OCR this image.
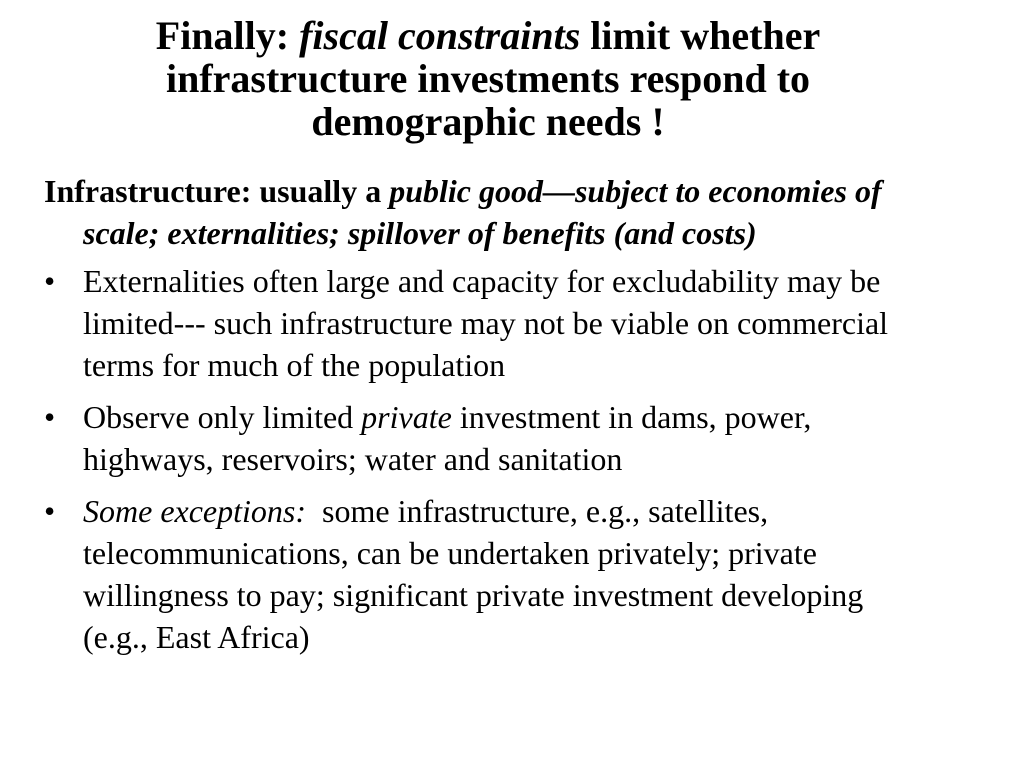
Finally: fiscal constraints limit whether infrastructure investments respond to demographic needs !

Infrastructure: usually a public good—subject to economies of scale; externalities; spillover of benefits (and costs)

• Externalities often large and capacity for excludability may be limited--- such infrastructure may not be viable on commercial terms for much of the population
• Observe only limited private investment in dams, power, highways, reservoirs; water and sanitation
• Some exceptions:  some infrastructure, e.g., satellites, telecommunications, can be undertaken privately; private willingness to pay; significant private investment developing (e.g., East Africa)
